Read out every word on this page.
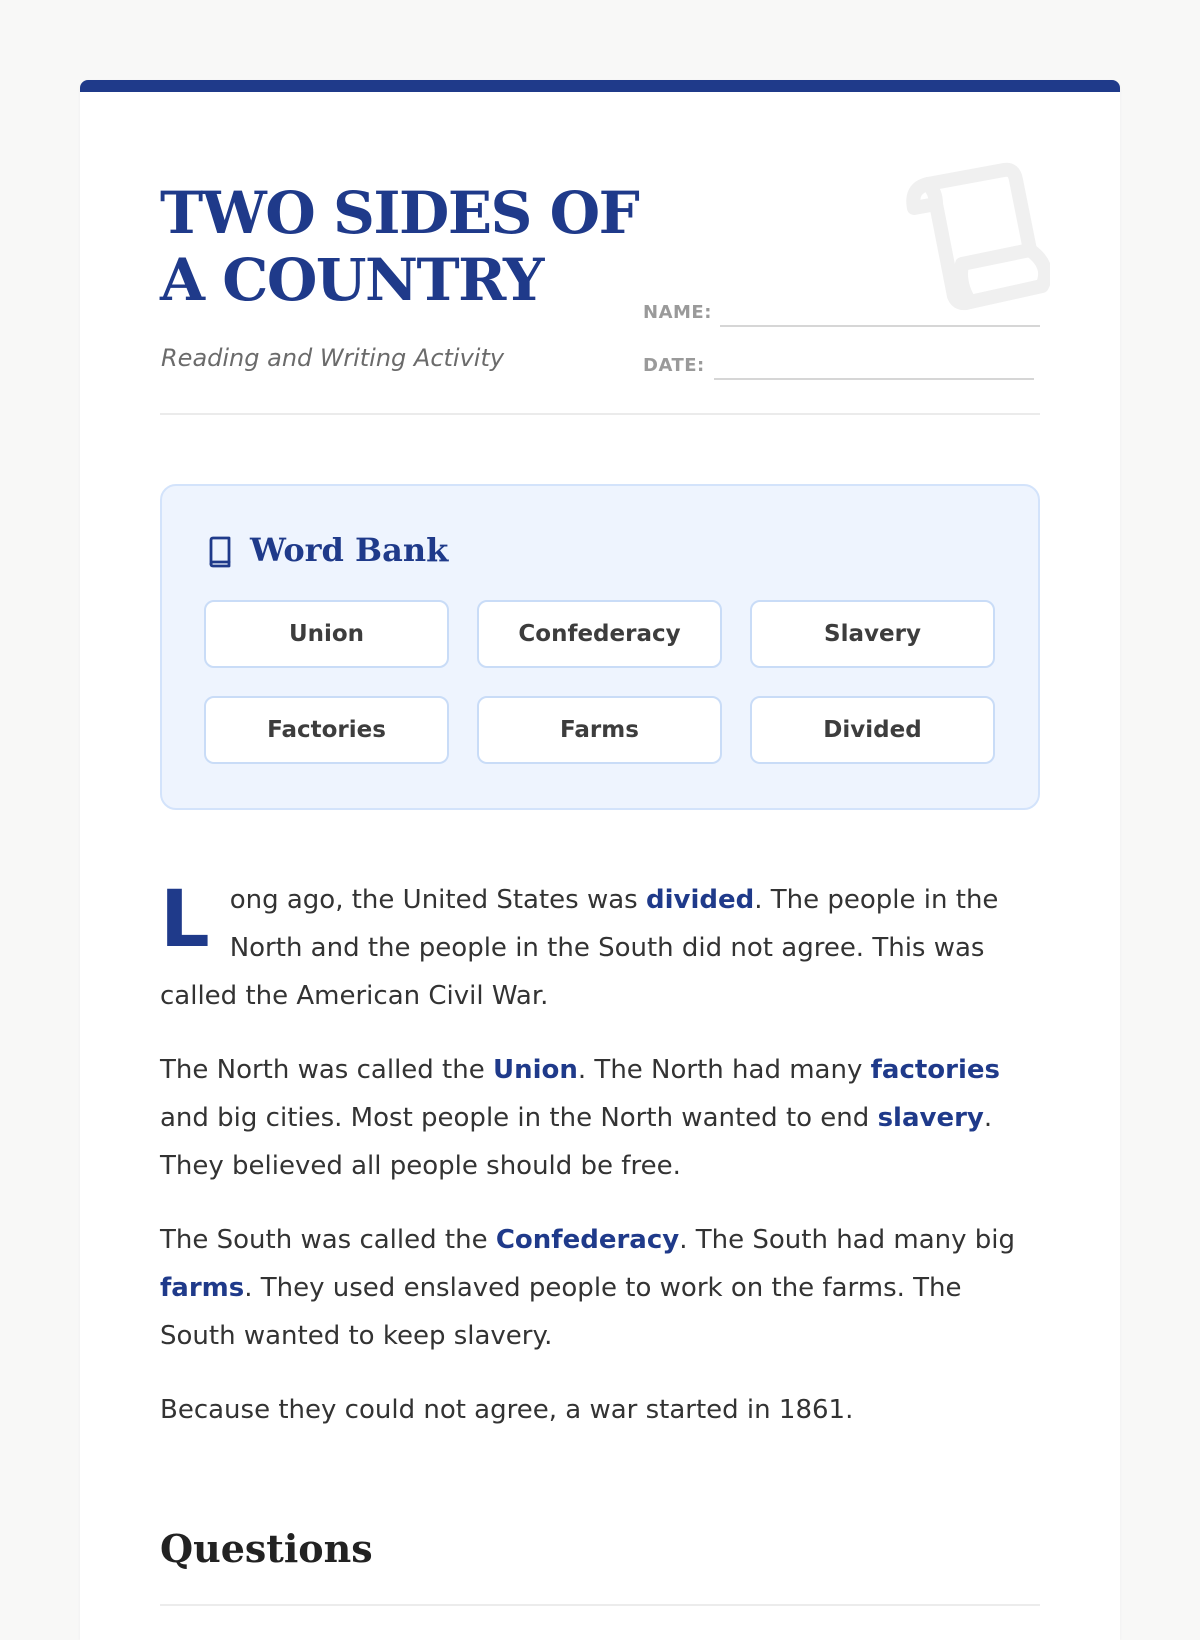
TWO SIDES OF A COUNTRY
Reading and Writing Activity
NAME:
DATE:
Word Bank
Union	Confederacy	Slavery
Factories	Farms	Divided

Long ago, the United States was divided. The people in the North and the people in the South did not agree. This was called the American Civil War.

The North was called the Union. The North had many factories and big cities. Most people in the North wanted to end slavery. They believed all people should be free.

The South was called the Confederacy. The South had many big farms. They used enslaved people to work on the farms. The South wanted to keep slavery.

Because they could not agree, a war started in 1861.

Questions
